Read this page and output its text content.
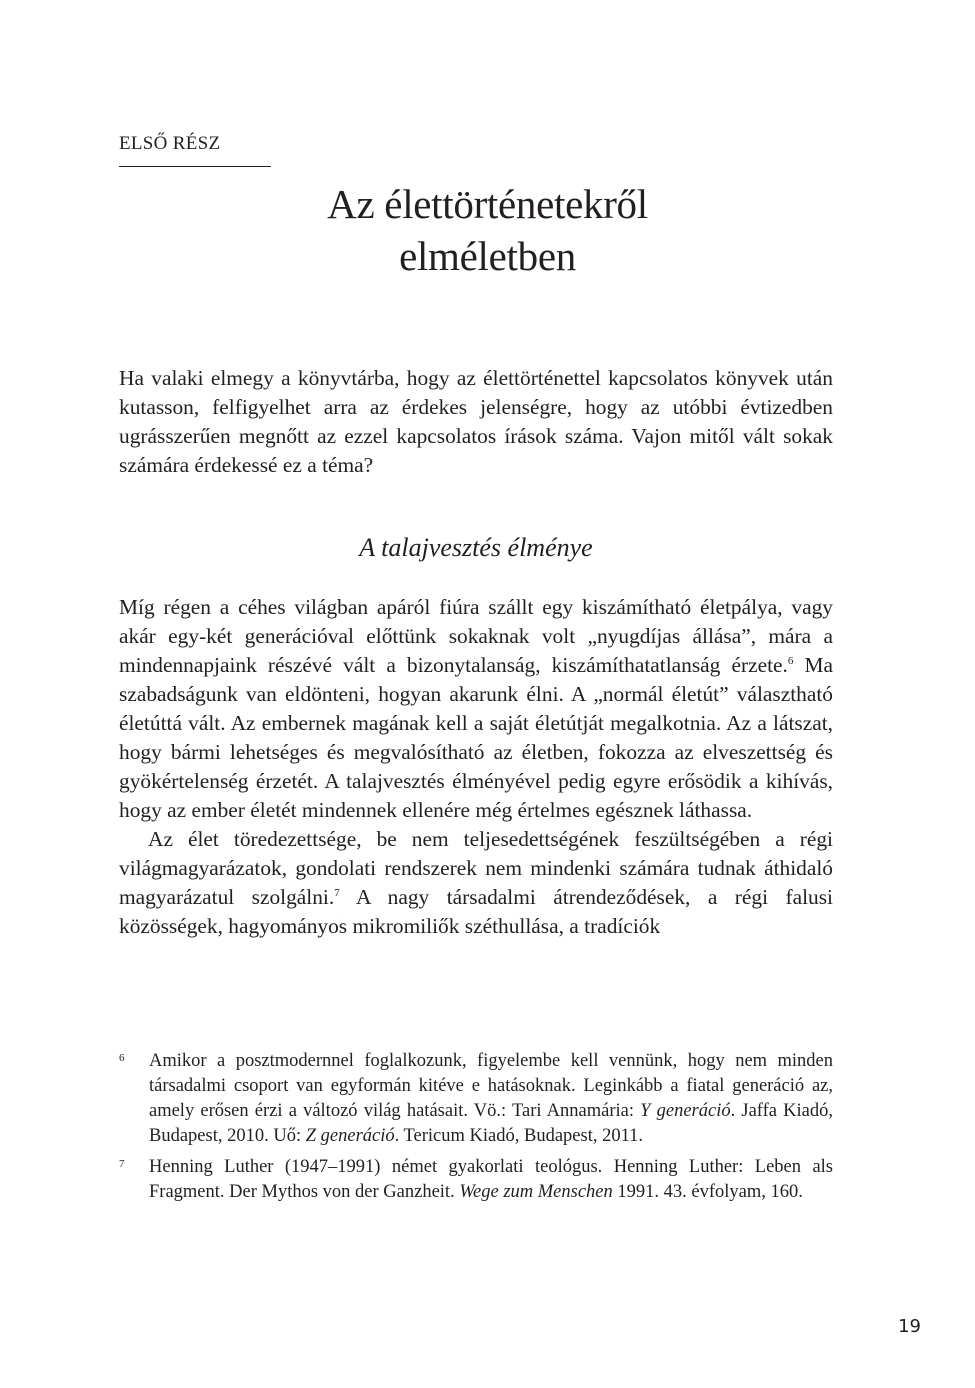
ELSŐ RÉSZ
Az élettörténetekről
elméletben

Ha valaki elmegy a könyvtárba, hogy az élettörténettel kapcsolatos könyvek után kutasson, felfigyelhet arra az érdekes jelenségre, hogy az utóbbi évtizedben ugrásszerűen megnőtt az ezzel kapcsolatos írások száma. Vajon mitől vált sokak számára érdekessé ez a téma?

A talajvesztés élménye

Míg régen a céhes világban apáról fiúra szállt egy kiszámítható életpálya, vagy akár egy-két generációval előttünk sokaknak volt „nyugdíjas állása”, mára a mindennapjaink részévé vált a bizonytalanság, kiszámíthatatlanság érzete.$^6$ Ma szabadságunk van eldönteni, hogyan akarunk élni. A „normál életút” választható életúttá vált. Az embernek magának kell a saját életútját megalkotnia. Az a látszat, hogy bármi lehetséges és megvalósítható az életben, fokozza az elveszettség és gyökértelenség érzetét. A talajvesztés élményével pedig egyre erősödik a kihívás, hogy az ember életét mindennek ellenére még értelmes egésznek láthassa.

Az élet töredezettsége, be nem teljesedettségének feszültségében a régi világmagyarázatok, gondolati rendszerek nem mindenki számára tudnak áthidaló magyarázatul szolgálni.$^7$ A nagy társadalmi átrendeződések, a régi falusi közösségek, hagyományos mikromiliők széthullása, a tradíciók

6 Amikor a posztmodernnel foglalkozunk, figyelembe kell vennünk, hogy nem minden társadalmi csoport van egyformán kitéve e hatásoknak. Leginkább a fiatal generáció az, amely erősen érzi a változó világ hatásait. Vö.: Tari Annamária: Y generáció. Jaffa Kiadó, Budapest, 2010. Uő: Z generáció. Tericum Kiadó, Budapest, 2011.
7 Henning Luther (1947–1991) német gyakorlati teológus. Henning Luther: Leben als Fragment. Der Mythos von der Ganzheit. Wege zum Menschen 1991. 43. évfolyam, 160.
19
